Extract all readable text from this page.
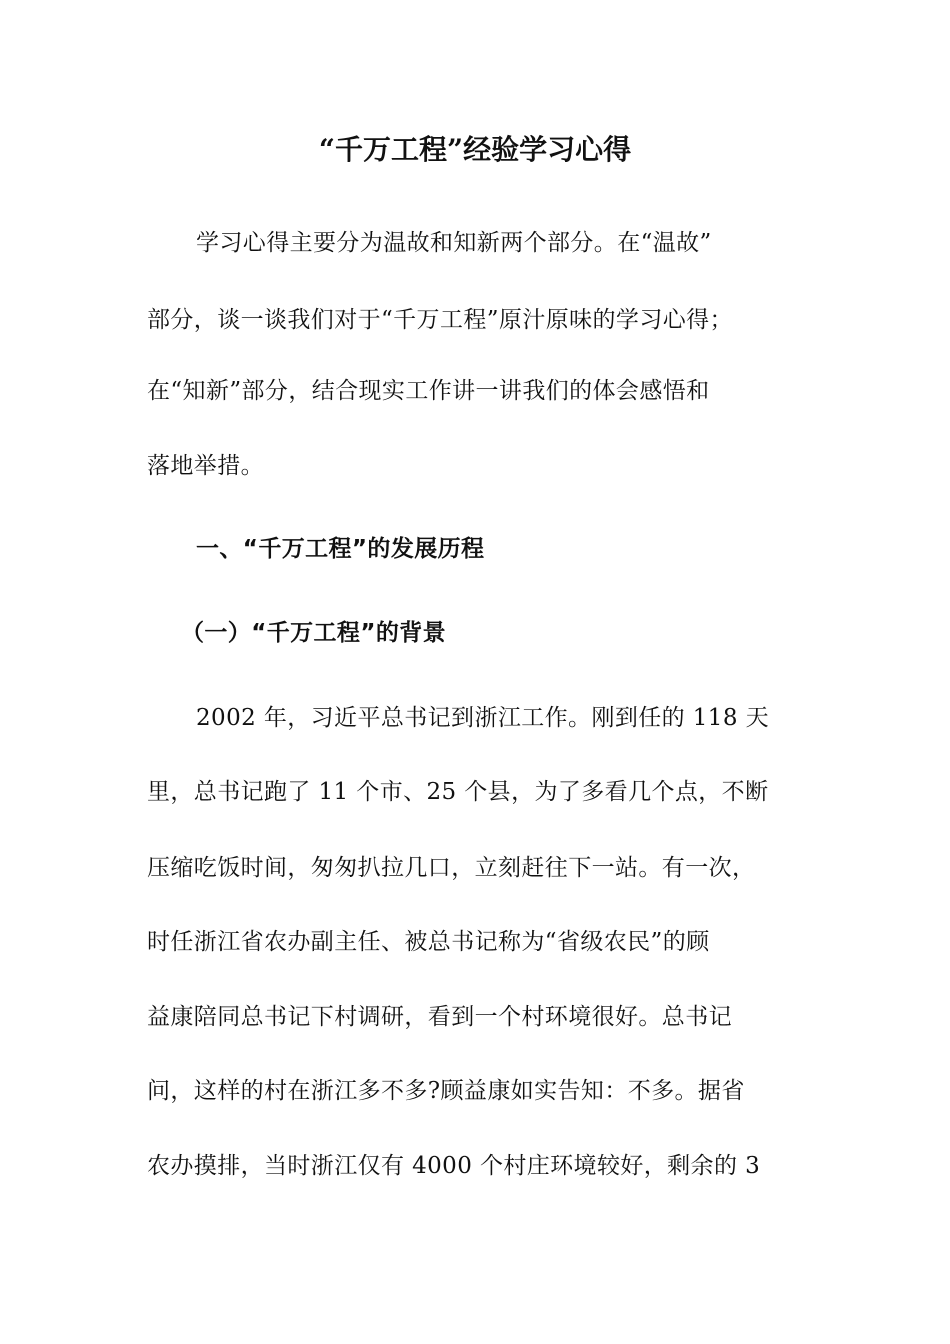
“千万工程”经验学习心得
学习心得主要分为温故和知新两个部分。在“温故”
部分，谈一谈我们对于“千万工程”原汁原味的学习心得；
在“知新”部分，结合现实工作讲一讲我们的体会感悟和
落地举措。
一、“千万工程”的发展历程
（一）“千万工程”的背景
2002 年，习近平总书记到浙江工作。刚到任的 118 天
里，总书记跑了 11 个市、25 个县，为了多看几个点，不断
压缩吃饭时间，匆匆扒拉几口，立刻赶往下一站。有一次，
时任浙江省农办副主任、被总书记称为“省级农民”的顾
益康陪同总书记下村调研，看到一个村环境很好。总书记
问，这样的村在浙江多不多?顾益康如实告知：不多。据省
农办摸排，当时浙江仅有 4000 个村庄环境较好，剩余的 3
